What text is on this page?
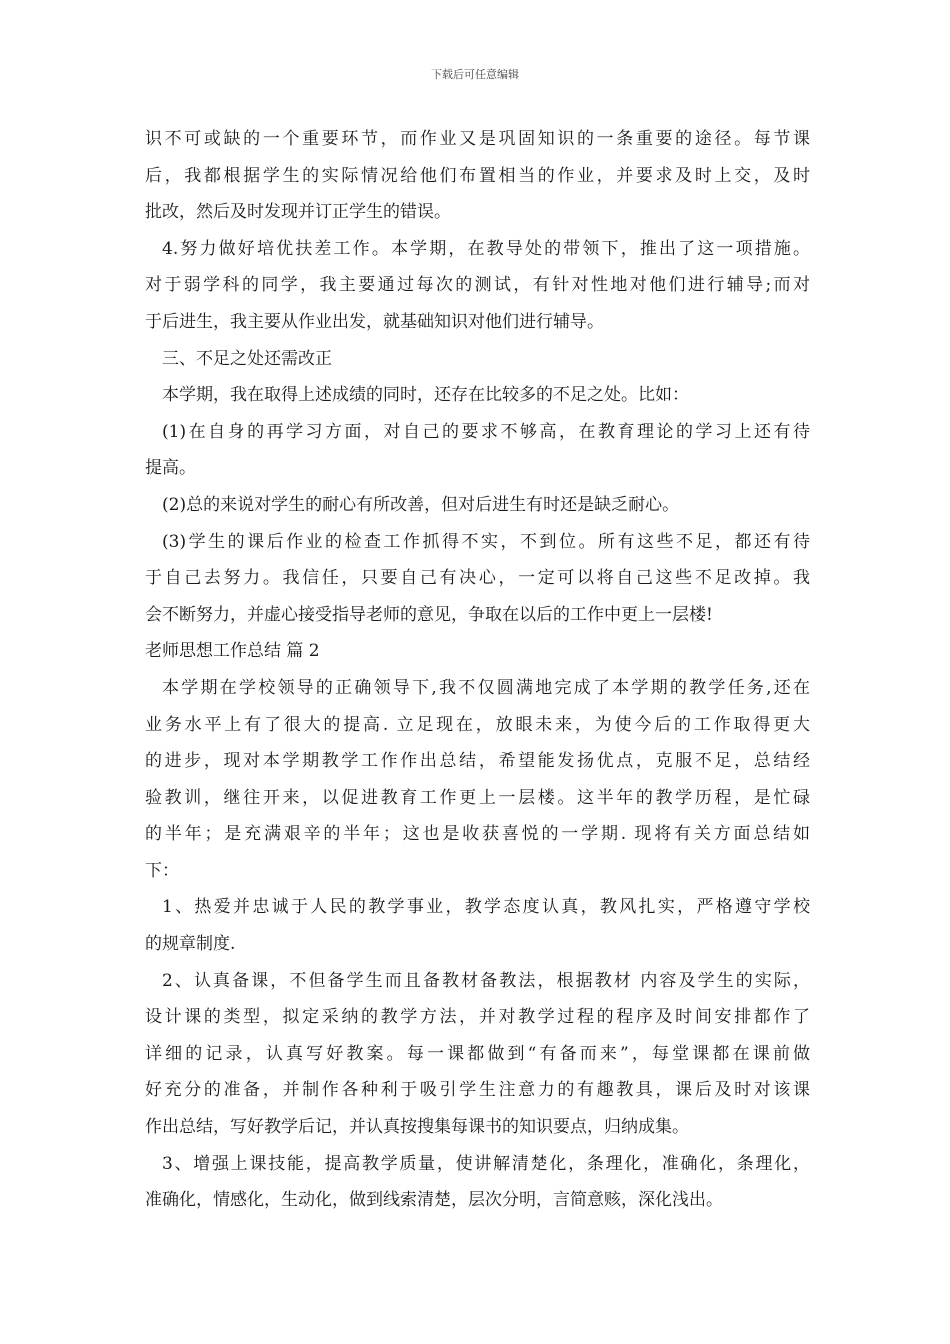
下载后可任意编辑
识不可或缺的一个重要环节，而作业又是巩固知识的一条重要的途径。每节课
后，我都根据学生的实际情况给他们布置相当的作业，并要求及时上交，及时
批改，然后及时发现并订正学生的错误。
4.努力做好培优扶差工作。本学期，在教导处的带领下，推出了这一项措施。
对于弱学科的同学，我主要通过每次的测试，有针对性地对他们进行辅导;而对
于后进生，我主要从作业出发，就基础知识对他们进行辅导。
三、不足之处还需改正
本学期，我在取得上述成绩的同时，还存在比较多的不足之处。比如：
(1)在自身的再学习方面，对自己的要求不够高，在教育理论的学习上还有待
提高。
(2)总的来说对学生的耐心有所改善，但对后进生有时还是缺乏耐心。
(3)学生的课后作业的检查工作抓得不实，不到位。所有这些不足，都还有待
于自己去努力。我信任，只要自己有决心，一定可以将自己这些不足改掉。我
会不断努力，并虚心接受指导老师的意见，争取在以后的工作中更上一层楼!
老师思想工作总结 篇 2
本学期在学校领导的正确领导下,我不仅圆满地完成了本学期的教学任务,还在
业务水平上有了很大的提高. 立足现在，放眼未来，为使今后的工作取得更大
的进步，现对本学期教学工作作出总结，希望能发扬优点，克服不足，总结经
验教训，继往开来，以促进教育工作更上一层楼。这半年的教学历程，是忙碌
的半年；是充满艰辛的半年；这也是收获喜悦的一学期. 现将有关方面总结如
下：
1、热爱并忠诚于人民的教学事业，教学态度认真，教风扎实，严格遵守学校
的规章制度.
2、认真备课，不但备学生而且备教材备教法，根据教材 内容及学生的实际，
设计课的类型，拟定采纳的教学方法，并对教学过程的程序及时间安排都作了
详细的记录，认真写好教案。每一课都做到“有备而来”，每堂课都在课前做
好充分的准备，并制作各种利于吸引学生注意力的有趣教具，课后及时对该课
作出总结，写好教学后记，并认真按搜集每课书的知识要点，归纳成集。
3、增强上课技能，提高教学质量，使讲解清楚化，条理化，准确化，条理化，
准确化，情感化，生动化，做到线索清楚，层次分明，言简意赅，深化浅出。
